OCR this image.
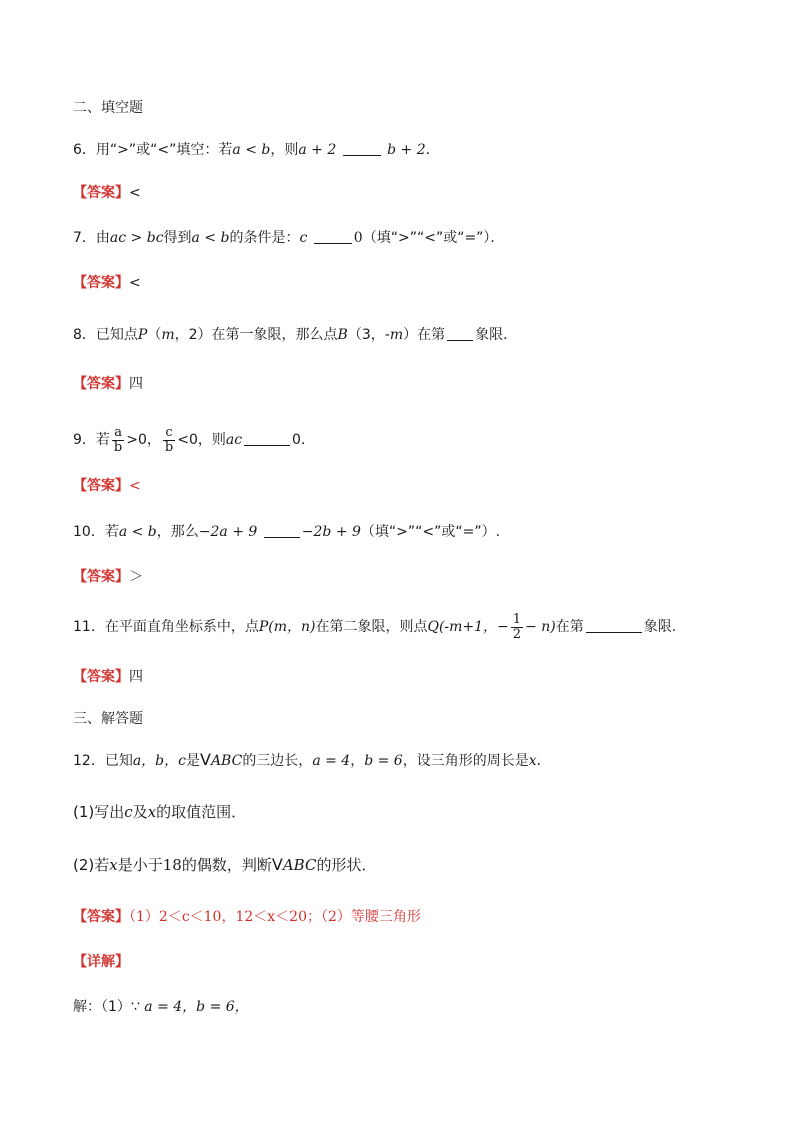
二、填空题
6．用“>”或“<”填空：若a < b，则a + 2	b + 2．
【答案】<
7．由ac > bc得到a < b的条件是：c	0（填“>”“<”或“=”）．
【答案】<
8．已知点P（m，2）在第一象限，那么点B（3，-m）在第 象限．
【答案】四
9．若 $\frac{a}{b} >0$， $\frac{c}{b} <0$，则ac	0.
【答案】<
10．若a < b，那么−2a + 9	−2b + 9（填“>”“<”或“=”）.
【答案】＞
11．在平面直角坐标系中，点P(m，n)在第二象限，则点Q(-m+1，− $\frac{1}{2} - n$)在第	象限.
【答案】四
三、解答题
12．已知a，b，c是VABC的三边长，a = 4，b = 6，设三角形的周长是x．
(1)写出c及x的取值范围．
(2)若x是小于18的偶数，判断VABC的形状．
【答案】（1）2＜c＜10，12＜x＜20；（2）等腰三角形
【详解】
解：（1）∵ a = 4，b = 6，
